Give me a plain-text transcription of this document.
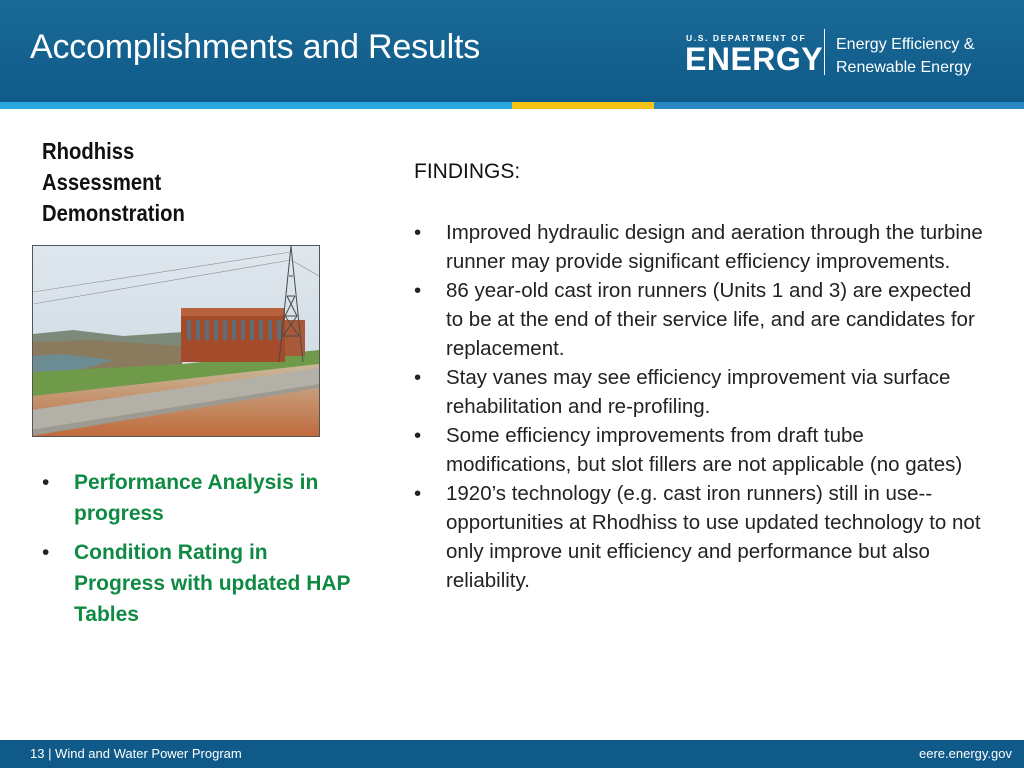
Accomplishments and Results	U.S. DEPARTMENT OF
ENERGY Energy Efficiency &
Renewable Energy
Rhodhiss
Assessment
Demonstration
• Performance Analysis in progress
• Condition Rating in Progress with updated HAP Tables
FINDINGS:
• Improved hydraulic design and aeration through the turbine runner may provide significant efficiency improvements.
• 86 year-old cast iron runners (Units 1 and 3) are expected to be at the end of their service life, and are candidates for replacement.
• Stay vanes may see efficiency improvement via surface rehabilitation and re-profiling.
• Some efficiency improvements from draft tube modifications, but slot fillers are not applicable (no gates)
• 1920’s technology (e.g. cast iron runners) still in use--opportunities at Rhodhiss to use updated technology to not only improve unit efficiency and performance but also reliability.
13 | Wind and Water Power Program	eere.energy.gov
